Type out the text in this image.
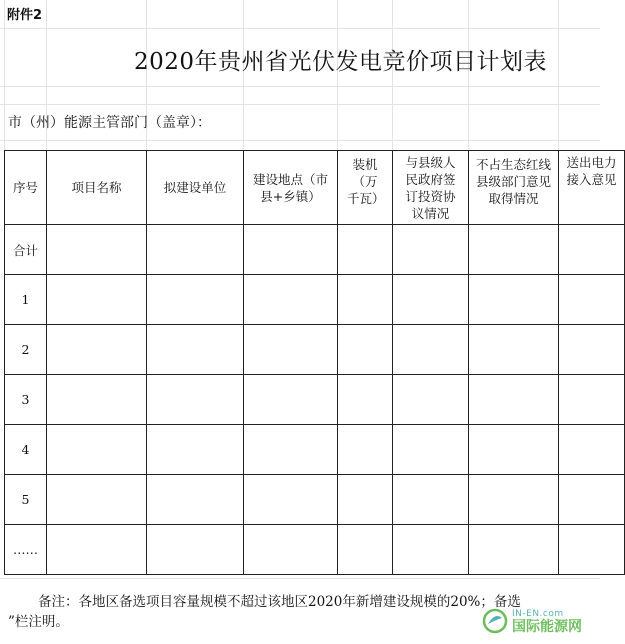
附件2
2020年贵州省光伏发电竞价项目计划表
市（州）能源主管部门（盖章）：
序号	项目名称	拟建设单位	建设地点（市县+乡镇）	装机（万千瓦）	与县级人民政府签订投资协议情况	不占生态红线县级部门意见取得情况	送出电力接入意见

合计							
1							
2							
3							
4							
5							
……							
备注：各地区备选项目容量规模不超过该地区2020年新增建设规模的20%；备选
”栏注明。	IN-EN.com
国际能源网
